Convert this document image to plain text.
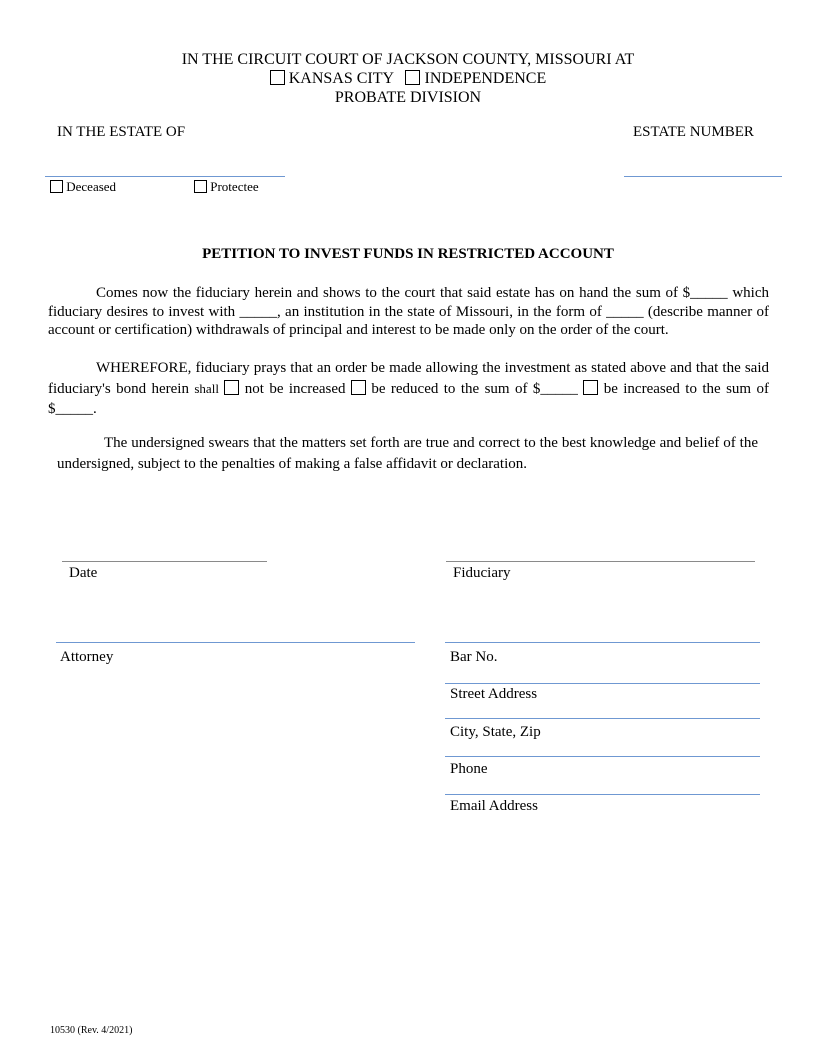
IN THE CIRCUIT COURT OF JACKSON COUNTY, MISSOURI AT
KANSAS CITY INDEPENDENCE
PROBATE DIVISION
IN THE ESTATE OF	ESTATE NUMBER
Deceased	Protectee
PETITION TO INVEST FUNDS IN RESTRICTED ACCOUNT
Comes now the fiduciary herein and shows to the court that said estate has on hand the sum of $_____ which fiduciary desires to invest with _____, an institution in the state of Missouri, in the form of _____ (describe manner of account or certification) withdrawals of principal and interest to be made only on the order of the court.
WHEREFORE, fiduciary prays that an order be made allowing the investment as stated above and that the said fiduciary's bond herein shall not be increased be reduced to the sum of $_____ be increased to the sum of $_____.
The undersigned swears that the matters set forth are true and correct to the best knowledge and belief of the undersigned, subject to the penalties of making a false affidavit or declaration.
Date	Fiduciary
Attorney	Bar No.
Street Address
City, State, Zip
Phone
Email Address
10530 (Rev. 4/2021)
